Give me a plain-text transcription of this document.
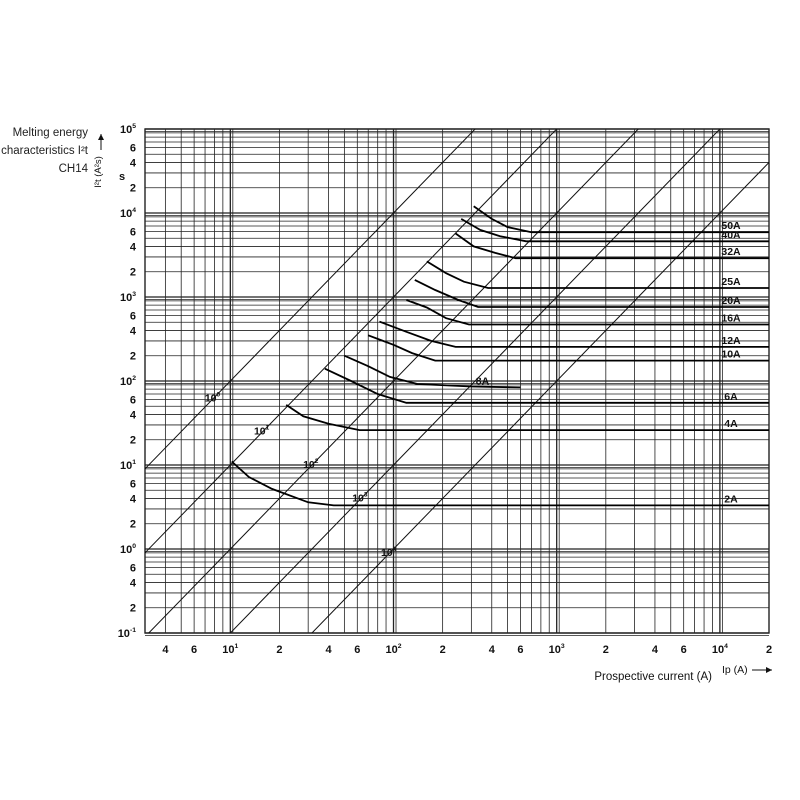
Melting energy
characteristics I²t
CH14
50A
40A
32A
25A
20A
16A
12A
10A
8A
6A
4A
2A
$10^0$
$10^1$
$10^2$
$10^3$
$10^4$
4 6 $10^1$	2	4 6 $10^2$	2	4 6 $10^3$	2	4 6 $10^4$	2
$10^5$
6
4
2
$10^4$
6
4
2
$10^3$
6
4
2
$10^2$
6
4
2
$10^1$
6
4
2
$10^0$
6
4
2
$10^{-1}$
Prospective current (A)
Ip (A)
I²t (A²s) s
